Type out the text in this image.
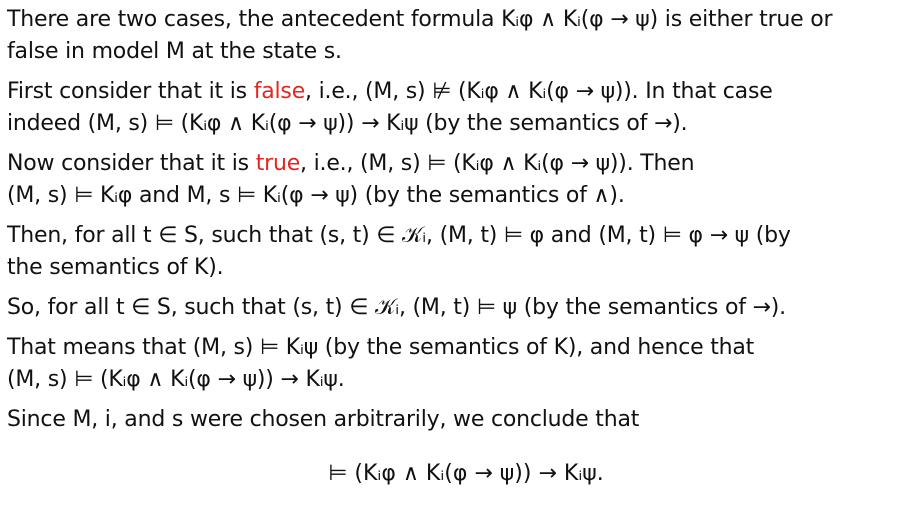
There are two cases, the antecedent formula Kᵢφ ∧ Kᵢ(φ → ψ) is either true or
false in model M at the state s.

First consider that it is false, i.e., (M, s) ⊭ (Kᵢφ ∧ Kᵢ(φ → ψ)). In that case
indeed (M, s) ⊨ (Kᵢφ ∧ Kᵢ(φ → ψ)) → Kᵢψ (by the semantics of →).

Now consider that it is true, i.e., (M, s) ⊨ (Kᵢφ ∧ Kᵢ(φ → ψ)). Then
(M, s) ⊨ Kᵢφ and M, s ⊨ Kᵢ(φ → ψ) (by the semantics of ∧).

Then, for all t ∈ S, such that (s, t) ∈ 𝒦ᵢ, (M, t) ⊨ φ and (M, t) ⊨ φ → ψ (by
the semantics of K).

So, for all t ∈ S, such that (s, t) ∈ 𝒦ᵢ, (M, t) ⊨ ψ (by the semantics of →).

That means that (M, s) ⊨ Kᵢψ (by the semantics of K), and hence that
(M, s) ⊨ (Kᵢφ ∧ Kᵢ(φ → ψ)) → Kᵢψ.

Since M, i, and s were chosen arbitrarily, we conclude that

⊨ (Kᵢφ ∧ Kᵢ(φ → ψ)) → Kᵢψ.
